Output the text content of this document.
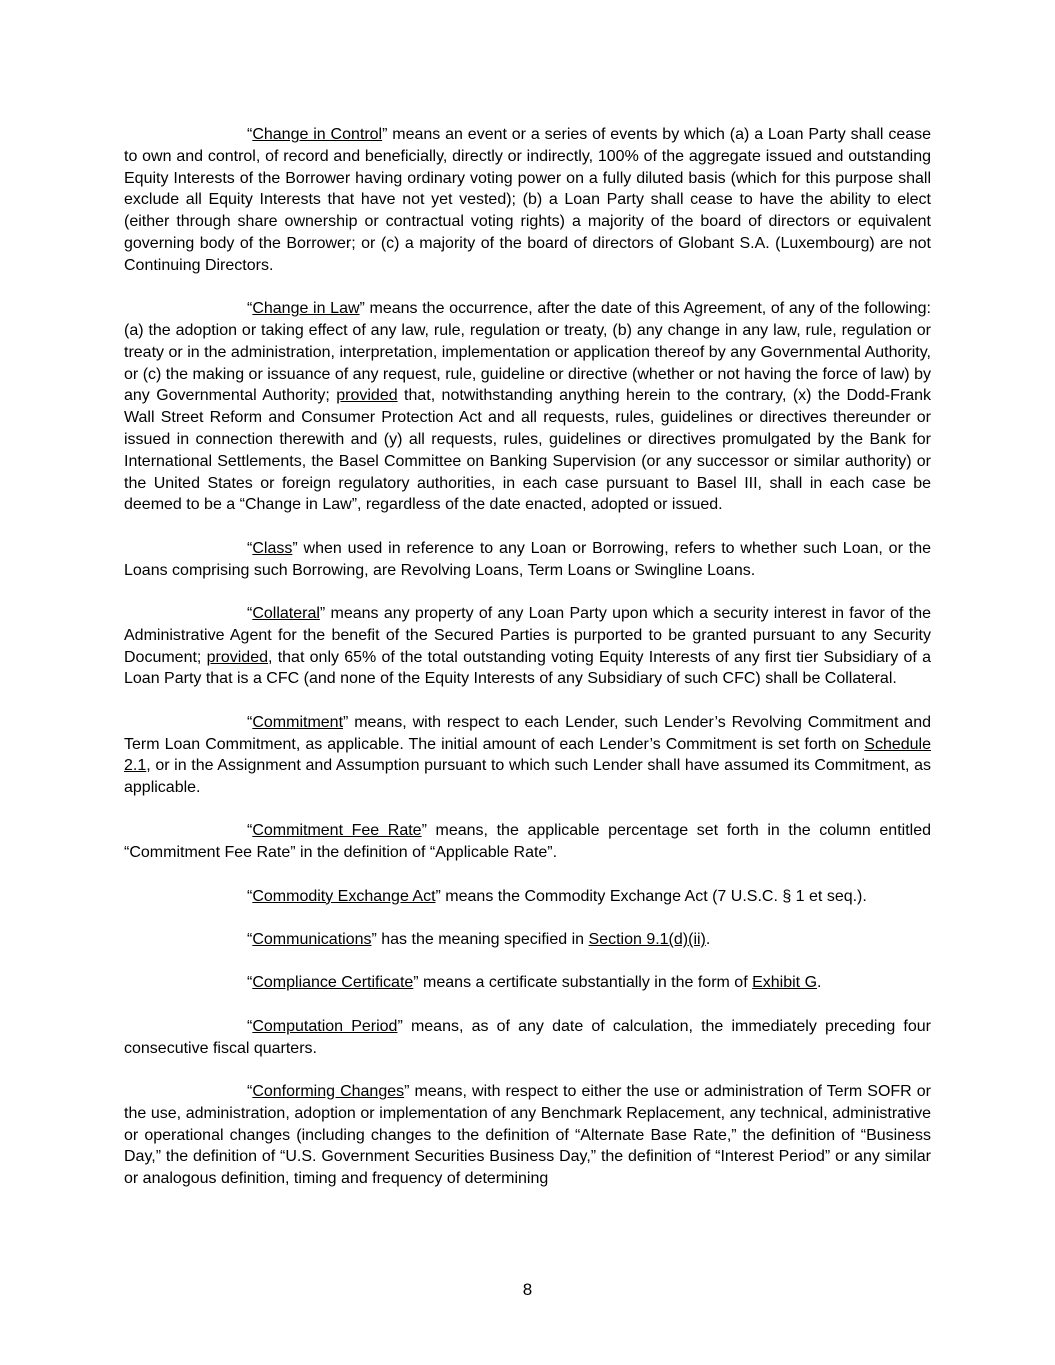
“Change in Control” means an event or a series of events by which (a) a Loan Party shall cease to own and control, of record and beneficially, directly or indirectly, 100% of the aggregate issued and outstanding Equity Interests of the Borrower having ordinary voting power on a fully diluted basis (which for this purpose shall exclude all Equity Interests that have not yet vested); (b) a Loan Party shall cease to have the ability to elect (either through share ownership or contractual voting rights) a majority of the board of directors or equivalent governing body of the Borrower; or (c) a majority of the board of directors of Globant S.A. (Luxembourg) are not Continuing Directors.

“Change in Law” means the occurrence, after the date of this Agreement, of any of the following: (a) the adoption or taking effect of any law, rule, regulation or treaty, (b) any change in any law, rule, regulation or treaty or in the administration, interpretation, implementation or application thereof by any Governmental Authority, or (c) the making or issuance of any request, rule, guideline or directive (whether or not having the force of law) by any Governmental Authority; provided that, notwithstanding anything herein to the contrary, (x) the Dodd-Frank Wall Street Reform and Consumer Protection Act and all requests, rules, guidelines or directives thereunder or issued in connection therewith and (y) all requests, rules, guidelines or directives promulgated by the Bank for International Settlements, the Basel Committee on Banking Supervision (or any successor or similar authority) or the United States or foreign regulatory authorities, in each case pursuant to Basel III, shall in each case be deemed to be a “Change in Law”, regardless of the date enacted, adopted or issued.

“Class” when used in reference to any Loan or Borrowing, refers to whether such Loan, or the Loans comprising such Borrowing, are Revolving Loans, Term Loans or Swingline Loans.

“Collateral” means any property of any Loan Party upon which a security interest in favor of the Administrative Agent for the benefit of the Secured Parties is purported to be granted pursuant to any Security Document; provided, that only 65% of the total outstanding voting Equity Interests of any first tier Subsidiary of a Loan Party that is a CFC (and none of the Equity Interests of any Subsidiary of such CFC) shall be Collateral.

“Commitment” means, with respect to each Lender, such Lender’s Revolving Commitment and Term Loan Commitment, as applicable. The initial amount of each Lender’s Commitment is set forth on Schedule 2.1, or in the Assignment and Assumption pursuant to which such Lender shall have assumed its Commitment, as applicable.

“Commitment Fee Rate” means, the applicable percentage set forth in the column entitled “Commitment Fee Rate” in the definition of “Applicable Rate”.

“Commodity Exchange Act” means the Commodity Exchange Act (7 U.S.C. § 1 et seq.).

“Communications” has the meaning specified in Section 9.1(d)(ii).

“Compliance Certificate” means a certificate substantially in the form of Exhibit G.

“Computation Period” means, as of any date of calculation, the immediately preceding four consecutive fiscal quarters.

“Conforming Changes” means, with respect to either the use or administration of Term SOFR or the use, administration, adoption or implementation of any Benchmark Replacement, any technical, administrative or operational changes (including changes to the definition of “Alternate Base Rate,” the definition of “Business Day,” the definition of “U.S. Government Securities Business Day,” the definition of “Interest Period” or any similar or analogous definition, timing and frequency of determining

8
